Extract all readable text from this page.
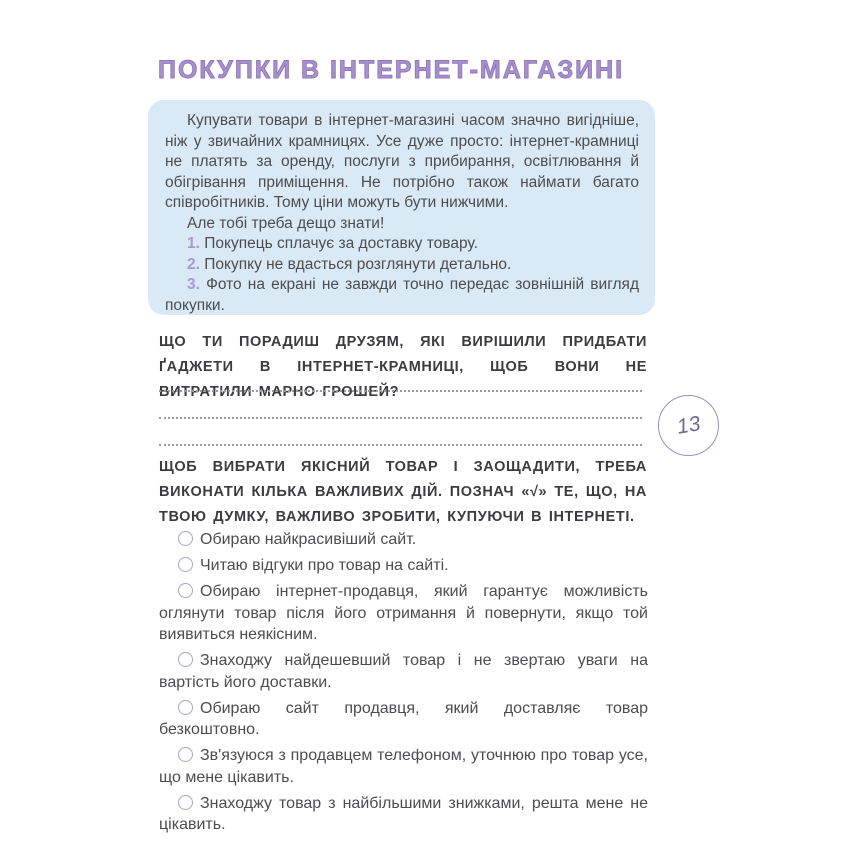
ПОКУПКИ В ІНТЕРНЕТ-МАГАЗИНІ

Купувати товари в інтернет-магазині часом значно вигідніше, ніж у звичайних крамницях. Усе дуже просто: інтернет-крамниці не платять за оренду, послуги з прибирання, освітлювання й обігрівання приміщення. Не потрібно також наймати багато співробітників. Тому ціни можуть бути нижчими.

Але тобі треба дещо знати!

1. Покупець сплачує за доставку товару.

2. Покупку не вдасться розглянути детально.

3. Фото на екрані не завжди точно передає зовнішній вигляд покупки.

ЩО ТИ ПОРАДИШ ДРУЗЯМ, ЯКІ ВИРІШИЛИ ПРИДБАТИ ҐАДЖЕТИ В ІНТЕРНЕТ-КРАМНИЦІ, ЩОБ ВОНИ НЕ ВИТРАТИЛИ МАРНО ГРОШЕЙ?

13

ЩОБ ВИБРАТИ ЯКІСНИЙ ТОВАР І ЗАОЩАДИТИ, ТРЕБА ВИКОНАТИ КІЛЬКА ВАЖЛИВИХ ДІЙ. ПОЗНАЧ «√» ТЕ, ЩО, НА ТВОЮ ДУМКУ, ВАЖЛИВО ЗРОБИТИ, КУПУЮЧИ В ІНТЕРНЕТІ.

Обираю найкрасивіший сайт.

Читаю відгуки про товар на сайті.

Обираю інтернет-продавця, який гарантує можливість оглянути товар після його отримання й повернути, якщо той виявиться неякісним.

Знаходжу найдешевший товар і не звертаю уваги на вартість його доставки.

Обираю сайт продавця, який доставляє товар безкоштовно.

Зв'язуюся з продавцем телефоном, уточнюю про товар усе, що мене цікавить.

Знаходжу товар з найбільшими знижками, решта мене не цікавить.
